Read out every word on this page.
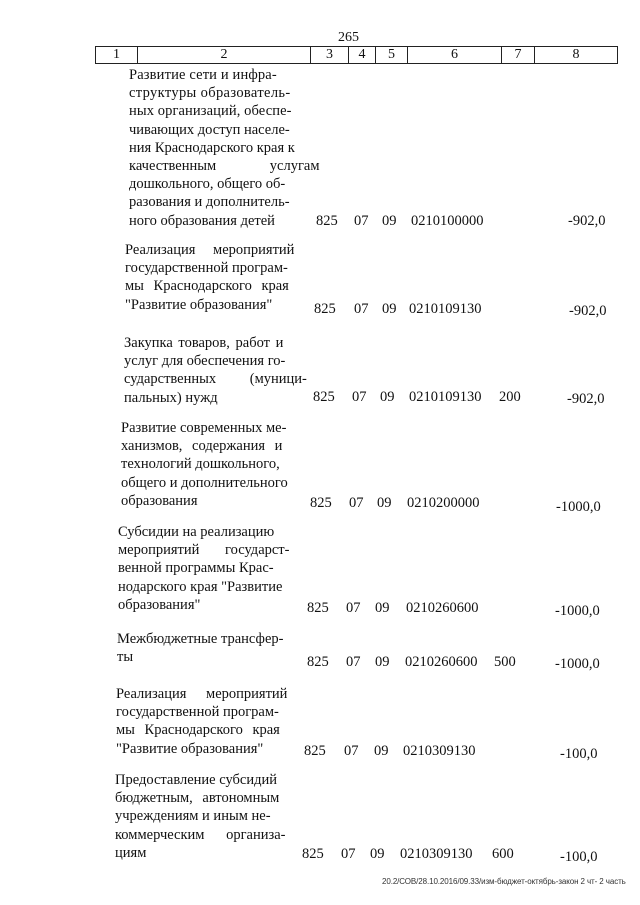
265
1	2	3	4	5	6	7	8
Развитие сети и инфра-
структуры образователь-
ных организаций, обеспе-
чивающих доступ населе-
ния Краснодарского края к
качественным услугам
дошкольного, общего об-
разования и дополнитель-
ного образования детей	825 07 09 0210100000	-902,0
Реализация мероприятий
государственной програм-
мы Краснодарского края
"Развитие образования"	825 07 09 0210109130	-902,0
Закупка товаров, работ и
услуг для обеспечения го-
сударственных (муници-
пальных) нужд	825 07 09 0210109130 200	-902,0
Развитие современных ме-
ханизмов, содержания и
технологий дошкольного,
общего и дополнительного
образования	825 07 09 0210200000	-1000,0
Субсидии на реализацию
мероприятий государст-
венной программы Крас-
нодарского края "Развитие
образования"	825 07 09 0210260600	-1000,0
Межбюджетные трансфер-
ты	825 07 09 0210260600 500	-1000,0
Реализация мероприятий
государственной програм-
мы Краснодарского края
"Развитие образования"	825 07 09 0210309130	-100,0
Предоставление субсидий
бюджетным, автономным
учреждениям и иным не-
коммерческим организа-
циям	825 07 09 0210309130 600	-100,0
20.2/СОВ/28.10.2016/09.33/изм-бюджет-октябрь-закон 2 чт- 2 часть
